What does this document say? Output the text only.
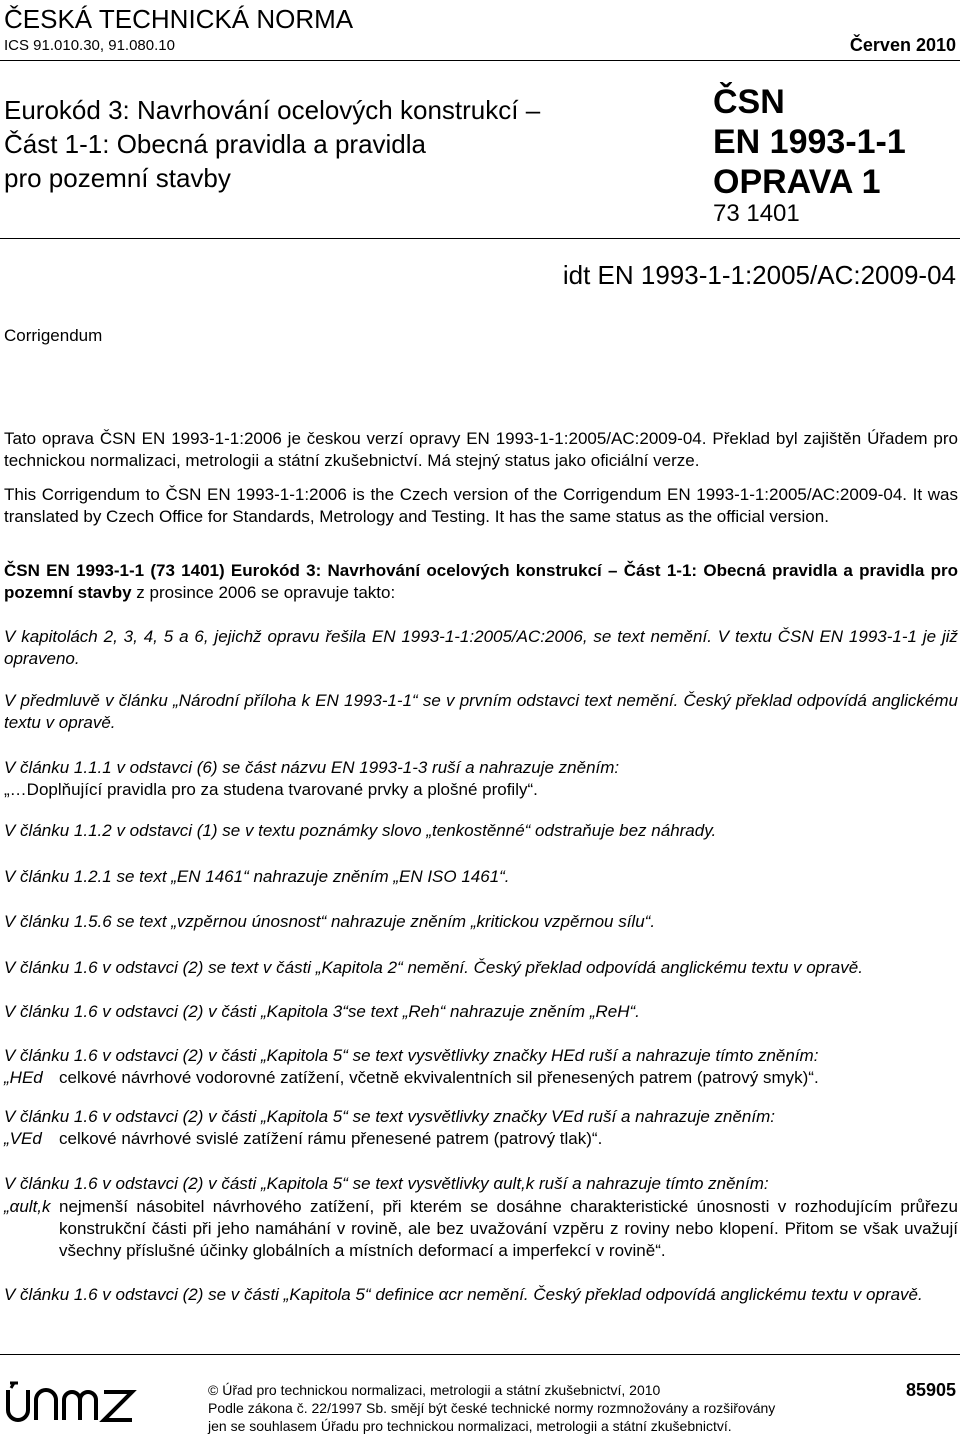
ČESKÁ TECHNICKÁ NORMA
ICS 91.010.30, 91.080.10	Červen 2010
Eurokód 3: Navrhování ocelových konstrukcí –
Část 1-1: Obecná pravidla a pravidla
pro pozemní stavby
ČSN
EN 1993-1-1
OPRAVA 1
73 1401
idt EN 1993-1-1:2005/AC:2009-04
Corrigendum
Tato oprava ČSN EN 1993-1-1:2006 je českou verzí opravy EN 1993-1-1:2005/AC:2009-04. Překlad byl zajištěn Úřadem pro technickou normalizaci, metrologii a státní zkušebnictví. Má stejný status jako oficiální verze.
This Corrigendum to ČSN EN 1993-1-1:2006 is the Czech version of the Corrigendum EN 1993-1-1:2005/AC:2009-04. It was translated by Czech Office for Standards, Metrology and Testing. It has the same status as the official version.
ČSN EN 1993-1-1 (73 1401) Eurokód 3: Navrhování ocelových konstrukcí – Část 1-1: Obecná pravidla a pravidla pro pozemní stavby z prosince 2006 se opravuje takto:
V kapitolách 2, 3, 4, 5 a 6, jejichž opravu řešila EN 1993-1-1:2005/AC:2006, se text nemění. V textu ČSN EN 1993-1-1 je již opraveno.
V předmluvě v článku „Národní příloha k EN 1993-1-1“ se v prvním odstavci text nemění. Český překlad odpovídá anglickému textu v opravě.
V článku 1.1.1 v odstavci (6) se část názvu EN 1993-1-3 ruší a nahrazuje zněním:
„…Doplňující pravidla pro za studena tvarované prvky a plošné profily“.
V článku 1.1.2 v odstavci (1) se v textu poznámky slovo „tenkostěnné“ odstraňuje bez náhrady.
V článku 1.2.1 se text „EN 1461“ nahrazuje zněním „EN ISO 1461“.
V článku 1.5.6 se text „vzpěrnou únosnost“ nahrazuje zněním „kritickou vzpěrnou sílu“.
V článku 1.6 v odstavci (2) se text v části „Kapitola 2“ nemění. Český překlad odpovídá anglickému textu v opravě.
V článku 1.6 v odstavci (2) v části „Kapitola 3“se text „Reh“ nahrazuje zněním „ReH“.
V článku 1.6 v odstavci (2) v části „Kapitola 5“ se text vysvětlivky značky HEd ruší a nahrazuje tímto zněním:
„HEd celkové návrhové vodorovné zatížení, včetně ekvivalentních sil přenesených patrem (patrový smyk)“.
V článku 1.6 v odstavci (2) v části „Kapitola 5“ se text vysvětlivky značky VEd ruší a nahrazuje zněním:
„VEd	celkové návrhové svislé zatížení rámu přenesené patrem (patrový tlak)“.
V článku 1.6 v odstavci (2) v části „Kapitola 5“ se text vysvětlivky αult,k ruší a nahrazuje tímto zněním:
„αult,k nejmenší násobitel návrhového zatížení, při kterém se dosáhne charakteristické únosnosti v rozhodujícím průřezu konstrukční části při jeho namáhání v rovině, ale bez uvažování vzpěru z roviny nebo klopení. Přitom se však uvažují všechny příslušné účinky globálních a místních deformací a imperfekcí v rovině“.
V článku 1.6 v odstavci (2) se v části „Kapitola 5“ definice αcr nemění. Český překlad odpovídá anglickému textu v opravě.
ÚNMZ
© Úřad pro technickou normalizaci, metrologii a státní zkušebnictví, 2010
Podle zákona č. 22/1997 Sb. smějí být české technické normy rozmnožovány a rozšiřovány
jen se souhlasem Úřadu pro technickou normalizaci, metrologii a státní zkušebnictví.
85905
